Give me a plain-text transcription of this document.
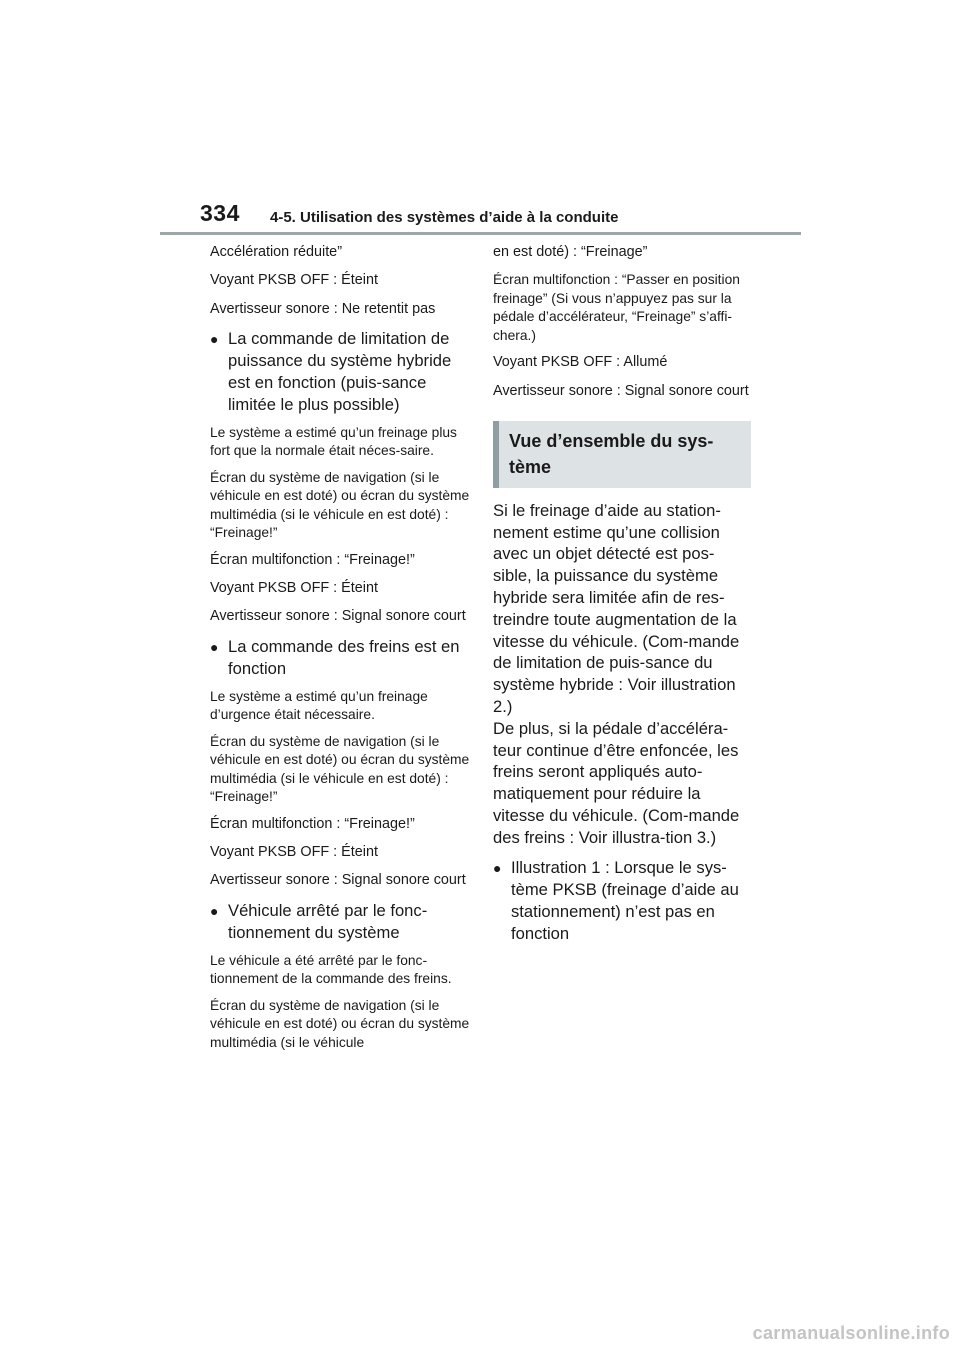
334 4-5. Utilisation des systèmes d’aide à la conduite

Accélération réduite”

Voyant PKSB OFF : Éteint

Avertisseur sonore : Ne retentit pas

● La commande de limitation de puissance du système hybride est en fonction (puis-sance limitée le plus possible)

Le système a estimé qu’un freinage plus fort que la normale était néces-saire.

Écran du système de navigation (si le véhicule en est doté) ou écran du système multimédia (si le véhicule en est doté) : “Freinage!”

Écran multifonction : “Freinage!”

Voyant PKSB OFF : Éteint

Avertisseur sonore : Signal sonore court

● La commande des freins est en fonction

Le système a estimé qu’un freinage d’urgence était nécessaire.

Écran du système de navigation (si le véhicule en est doté) ou écran du système multimédia (si le véhicule en est doté) : “Freinage!”

Écran multifonction : “Freinage!”

Voyant PKSB OFF : Éteint

Avertisseur sonore : Signal sonore court

● Véhicule arrêté par le fonc-tionnement du système

Le véhicule a été arrêté par le fonc-tionnement de la commande des freins.

Écran du système de navigation (si le véhicule en est doté) ou écran du système multimédia (si le véhicule

en est doté) : “Freinage”

Écran multifonction : “Passer en position freinage” (Si vous n’appuyez pas sur la pédale d’accélérateur, “Freinage” s’affi-chera.)

Voyant PKSB OFF : Allumé

Avertisseur sonore : Signal sonore court

Vue d’ensemble du sys-tème

Si le freinage d’aide au station-nement estime qu’une collision avec un objet détecté est pos-sible, la puissance du système hybride sera limitée afin de res-treindre toute augmentation de la vitesse du véhicule. (Com-mande de limitation de puis-sance du système hybride : Voir illustration 2.)

De plus, si la pédale d’accéléra-teur continue d’être enfoncée, les freins seront appliqués auto-matiquement pour réduire la vitesse du véhicule. (Com-mande des freins : Voir illustra-tion 3.)

● Illustration 1 : Lorsque le sys-tème PKSB (freinage d’aide au stationnement) n’est pas en fonction
carmanualsonline.info
